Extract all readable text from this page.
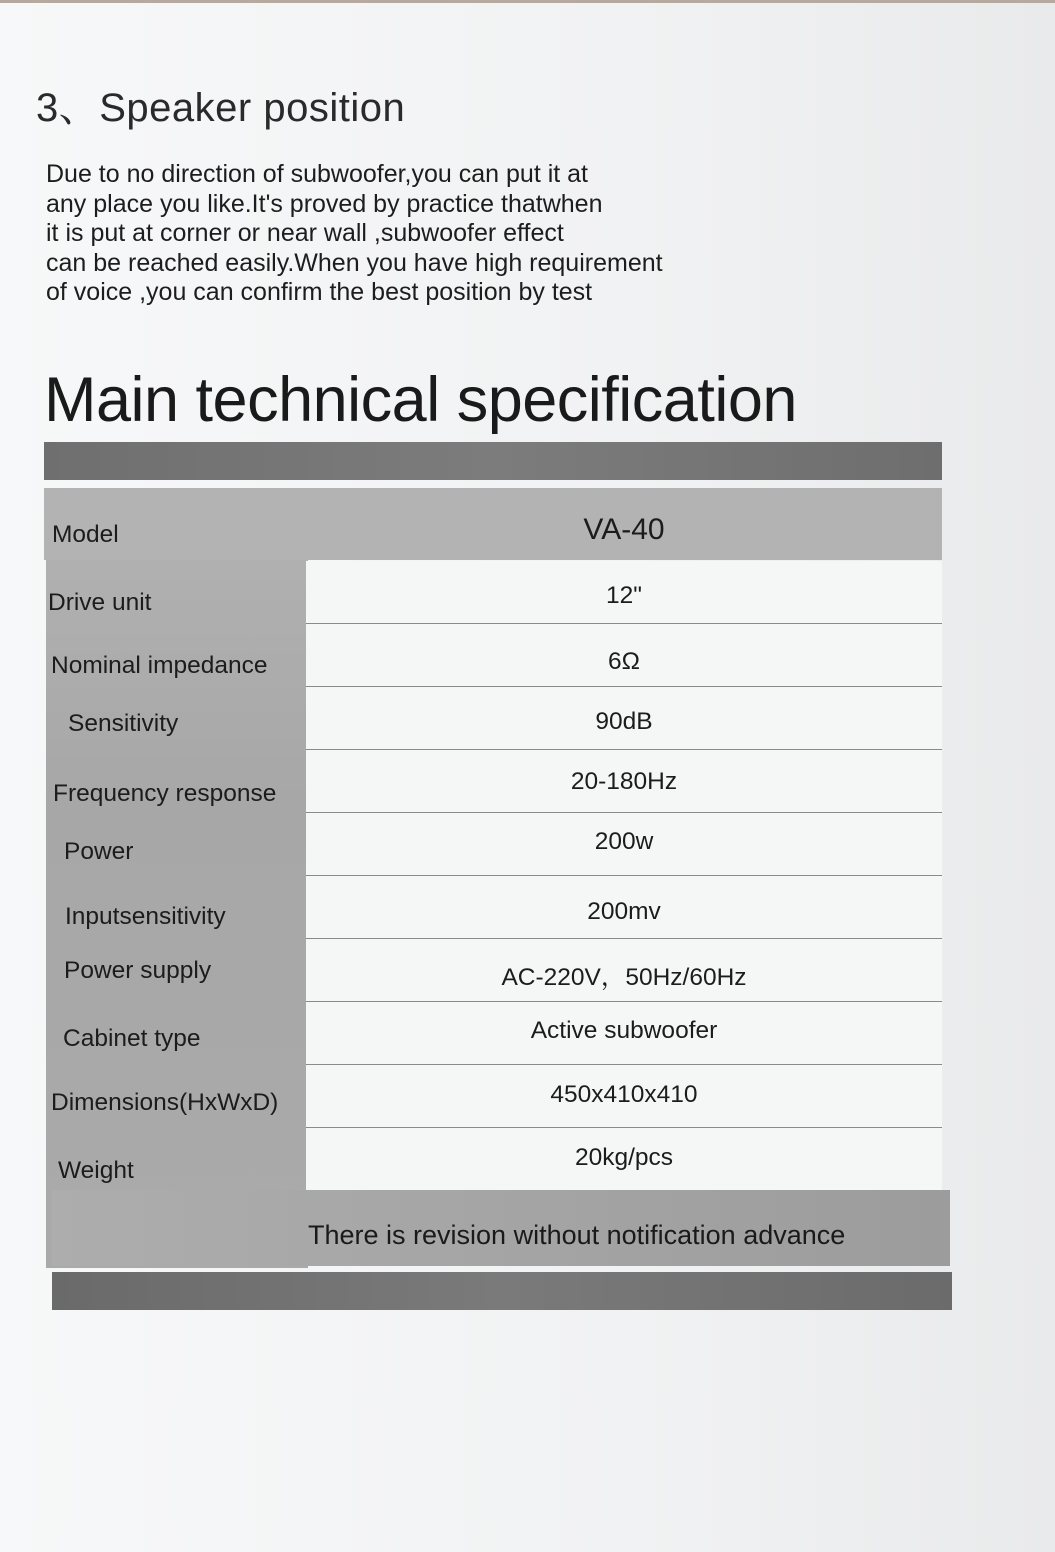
3、Speaker position

Due to no direction of subwoofer,you can put it at
any place you like.It's proved by practice thatwhen
it is put at corner or near wall ,subwoofer effect
can be reached easily.When you have high requirement
of voice ,you can confirm the best position by test

Main technical specification
Model	VA-40
Drive unit	12"
Nominal impedance	6Ω
Sensitivity	90dB
Frequency response	20-180Hz
Power	200w
Inputsensitivity	200mv
Power supply	AC-220V，50Hz/60Hz
Cabinet type	Active subwoofer
Dimensions(HxWxD)	450x410x410
Weight	20kg/pcs
There is revision without notification advance
